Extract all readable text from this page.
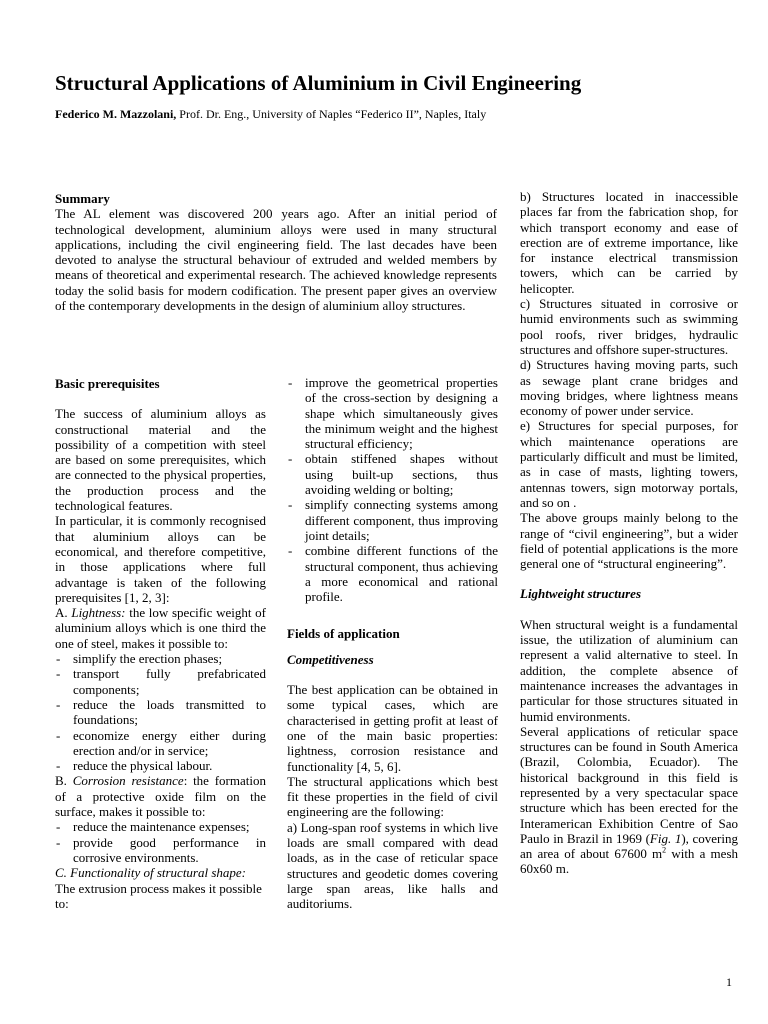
Structural Applications of Aluminium in Civil Engineering
Federico M. Mazzolani, Prof. Dr. Eng., University of Naples “Federico II”, Naples, Italy

Summary

The AL element was discovered 200 years ago. After an initial period of technological development, aluminium alloys were used in many structural applications, including the civil engineering field. The last decades have been devoted to analyse the structural behaviour of extruded and welded members by means of theoretical and experimental research. The achieved knowledge represents today the solid basis for modern codification. The present paper gives an overview of the contemporary developments in the design of aluminium alloy structures.

Basic prerequisites

The success of aluminium alloys as constructional material and the possibility of a competition with steel are based on some prerequisites, which are connected to the physical properties, the production process and the technological features.

In particular, it is commonly recognised that aluminium alloys can be economical, and therefore competitive, in those applications where full advantage is taken of the following prerequisites [1, 2, 3]:

A. Lightness: the low specific weight of aluminium alloys which is one third the one of steel, makes it possible to:

- simplify the erection phases;
- transport fully prefabricated components;
- reduce the loads transmitted to foundations;
- economize energy either during erection and/or in service;
- reduce the physical labour.

B. Corrosion resistance: the formation of a protective oxide film on the surface, makes it possible to:

- reduce the maintenance expenses;
- provide good performance in corrosive environments.

C. Functionality of structural shape:

The extrusion process makes it possible to:

- improve the geometrical properties of the cross-section by designing a shape which simultaneously gives the minimum weight and the highest structural efficiency;
- obtain stiffened shapes without using built-up sections, thus avoiding welding or bolting;
- simplify connecting systems among different component, thus improving joint details;
- combine different functions of the structural component, thus achieving a more economical and rational profile.

Fields of application

Competitiveness

The best application can be obtained in some typical cases, which are characterised in getting profit at least of one of the main basic properties: lightness, corrosion resistance and functionality [4, 5, 6].

The structural applications which best fit these properties in the field of civil engineering are the following:

a) Long-span roof systems in which live loads are small compared with dead loads, as in the case of reticular space structures and geodetic domes covering large span areas, like halls and auditoriums.

b) Structures located in inaccessible places far from the fabrication shop, for which transport economy and ease of erection are of extreme importance, like for instance electrical transmission towers, which can be carried by helicopter.

c) Structures situated in corrosive or humid environments such as swimming pool roofs, river bridges, hydraulic structures and offshore super-structures.

d) Structures having moving parts, such as sewage plant crane bridges and moving bridges, where lightness means economy of power under service.

e) Structures for special purposes, for which maintenance operations are particularly difficult and must be limited, as in case of masts, lighting towers, antennas towers, sign motorway portals, and so on .

The above groups mainly belong to the range of “civil engineering”, but a wider field of potential applications is the more general one of “structural engineering”.

Lightweight structures

When structural weight is a fundamental issue, the utilization of aluminium can represent a valid alternative to steel. In addition, the complete absence of maintenance increases the advantages in particular for those structures situated in humid environments.

Several applications of reticular space structures can be found in South America (Brazil, Colombia, Ecuador). The historical background in this field is represented by a very spectacular space structure which has been erected for the Interamerican Exhibition Centre of Sao Paulo in Brazil in 1969 (Fig. 1), covering an area of about 67600 $m^2$ with a mesh 60x60 m.

1
